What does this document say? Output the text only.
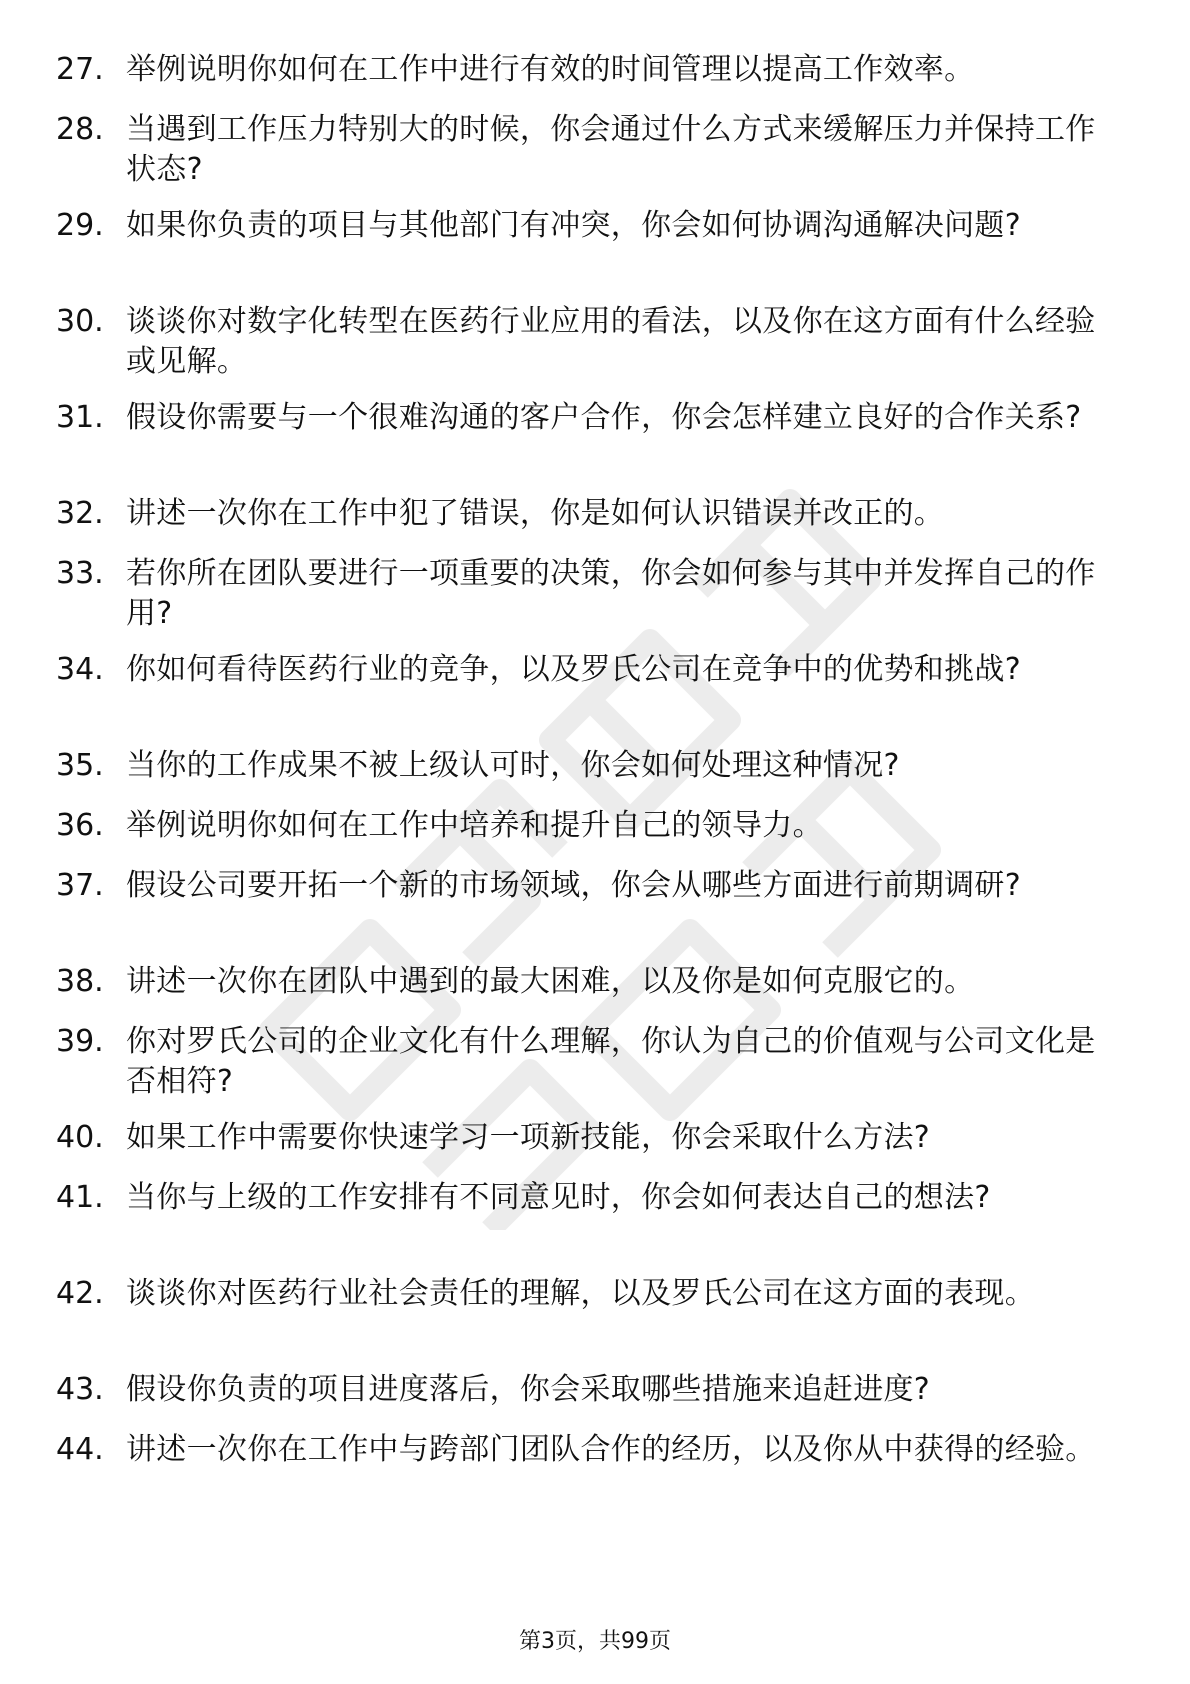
27. 举例说明你如何在工作中进行有效的时间管理以提高工作效率。
28. 当遇到工作压力特别大的时候，你会通过什么方式来缓解压力并保持工作状态?
29. 如果你负责的项目与其他部门有冲突，你会如何协调沟通解决问题?
30. 谈谈你对数字化转型在医药行业应用的看法，以及你在这方面有什么经验或见解。
31. 假设你需要与一个很难沟通的客户合作，你会怎样建立良好的合作关系?
32. 讲述一次你在工作中犯了错误，你是如何认识错误并改正的。
33. 若你所在团队要进行一项重要的决策，你会如何参与其中并发挥自己的作用?
34. 你如何看待医药行业的竞争，以及罗氏公司在竞争中的优势和挑战?
35. 当你的工作成果不被上级认可时，你会如何处理这种情况?
36. 举例说明你如何在工作中培养和提升自己的领导力。
37. 假设公司要开拓一个新的市场领域，你会从哪些方面进行前期调研?
38. 讲述一次你在团队中遇到的最大困难，以及你是如何克服它的。
39. 你对罗氏公司的企业文化有什么理解，你认为自己的价值观与公司文化是否相符?
40. 如果工作中需要你快速学习一项新技能，你会采取什么方法?
41. 当你与上级的工作安排有不同意见时，你会如何表达自己的想法?
42. 谈谈你对医药行业社会责任的理解，以及罗氏公司在这方面的表现。
43. 假设你负责的项目进度落后，你会采取哪些措施来追赶进度?
44. 讲述一次你在工作中与跨部门团队合作的经历，以及你从中获得的经验。
第3页，共99页
